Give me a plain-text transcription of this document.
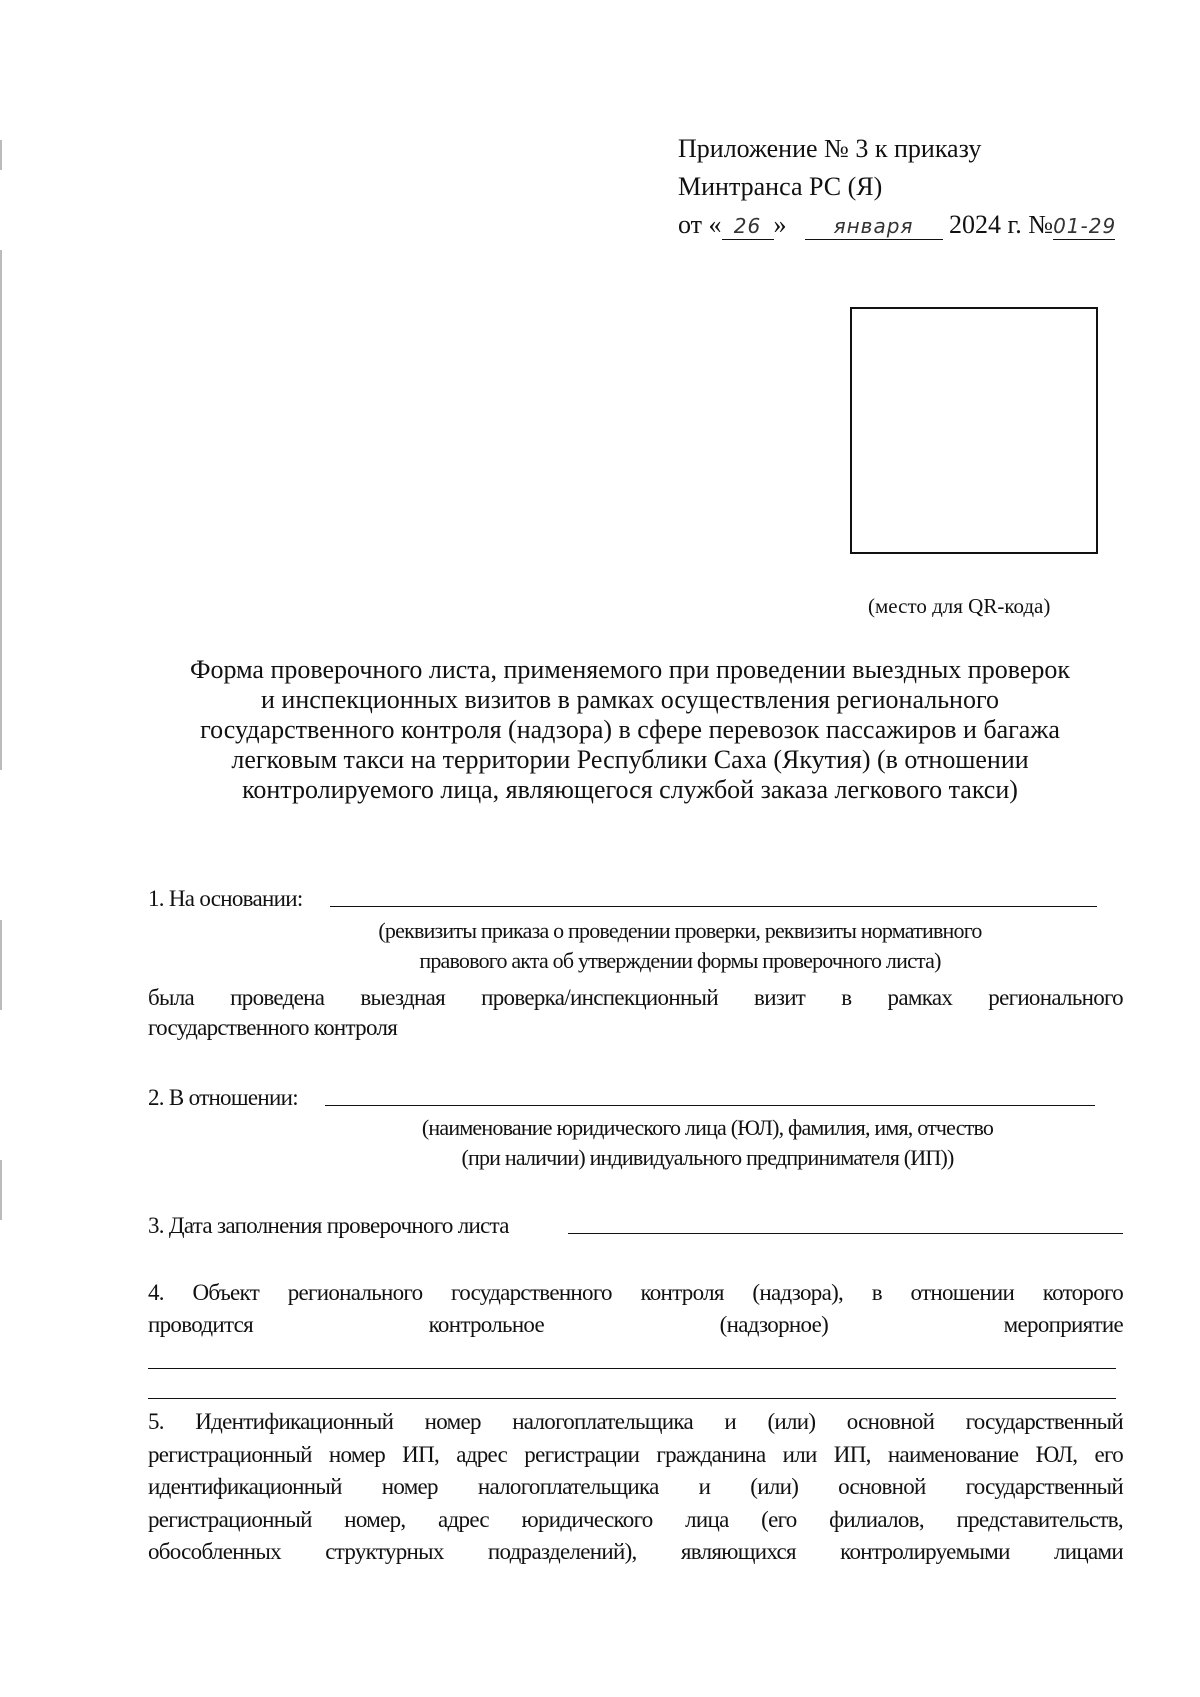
Приложение № 3 к приказу
Минтранса РС (Я)
от « 26 » января 2024 г. №01-29
(место для QR-кода)
Форма проверочного листа, применяемого при проведении выездных проверок
и инспекционных визитов в рамках осуществления регионального
государственного контроля (надзора) в сфере перевозок пассажиров и багажа
легковым такси на территории Республики Саха (Якутия) (в отношении
контролируемого лица, являющегося службой заказа легкового такси)
1. На основании:
(реквизиты приказа о проведении проверки, реквизиты нормативного
правового акта об утверждении формы проверочного листа)
была проведена выездная проверка/инспекционный визит в рамках регионального
государственного контроля
2. В отношении:
(наименование юридического лица (ЮЛ), фамилия, имя, отчество
(при наличии) индивидуального предпринимателя (ИП))
3. Дата заполнения проверочного листа
4. Объект регионального государственного контроля (надзора), в отношении которого
проводится контрольное (надзорное) мероприятие
5. Идентификационный номер налогоплательщика и (или) основной государственный
регистрационный номер ИП, адрес регистрации гражданина или ИП, наименование ЮЛ, его
идентификационный номер налогоплательщика и (или) основной государственный
регистрационный номер, адрес юридического лица (его филиалов, представительств,
обособленных структурных подразделений), являющихся контролируемыми лицами
